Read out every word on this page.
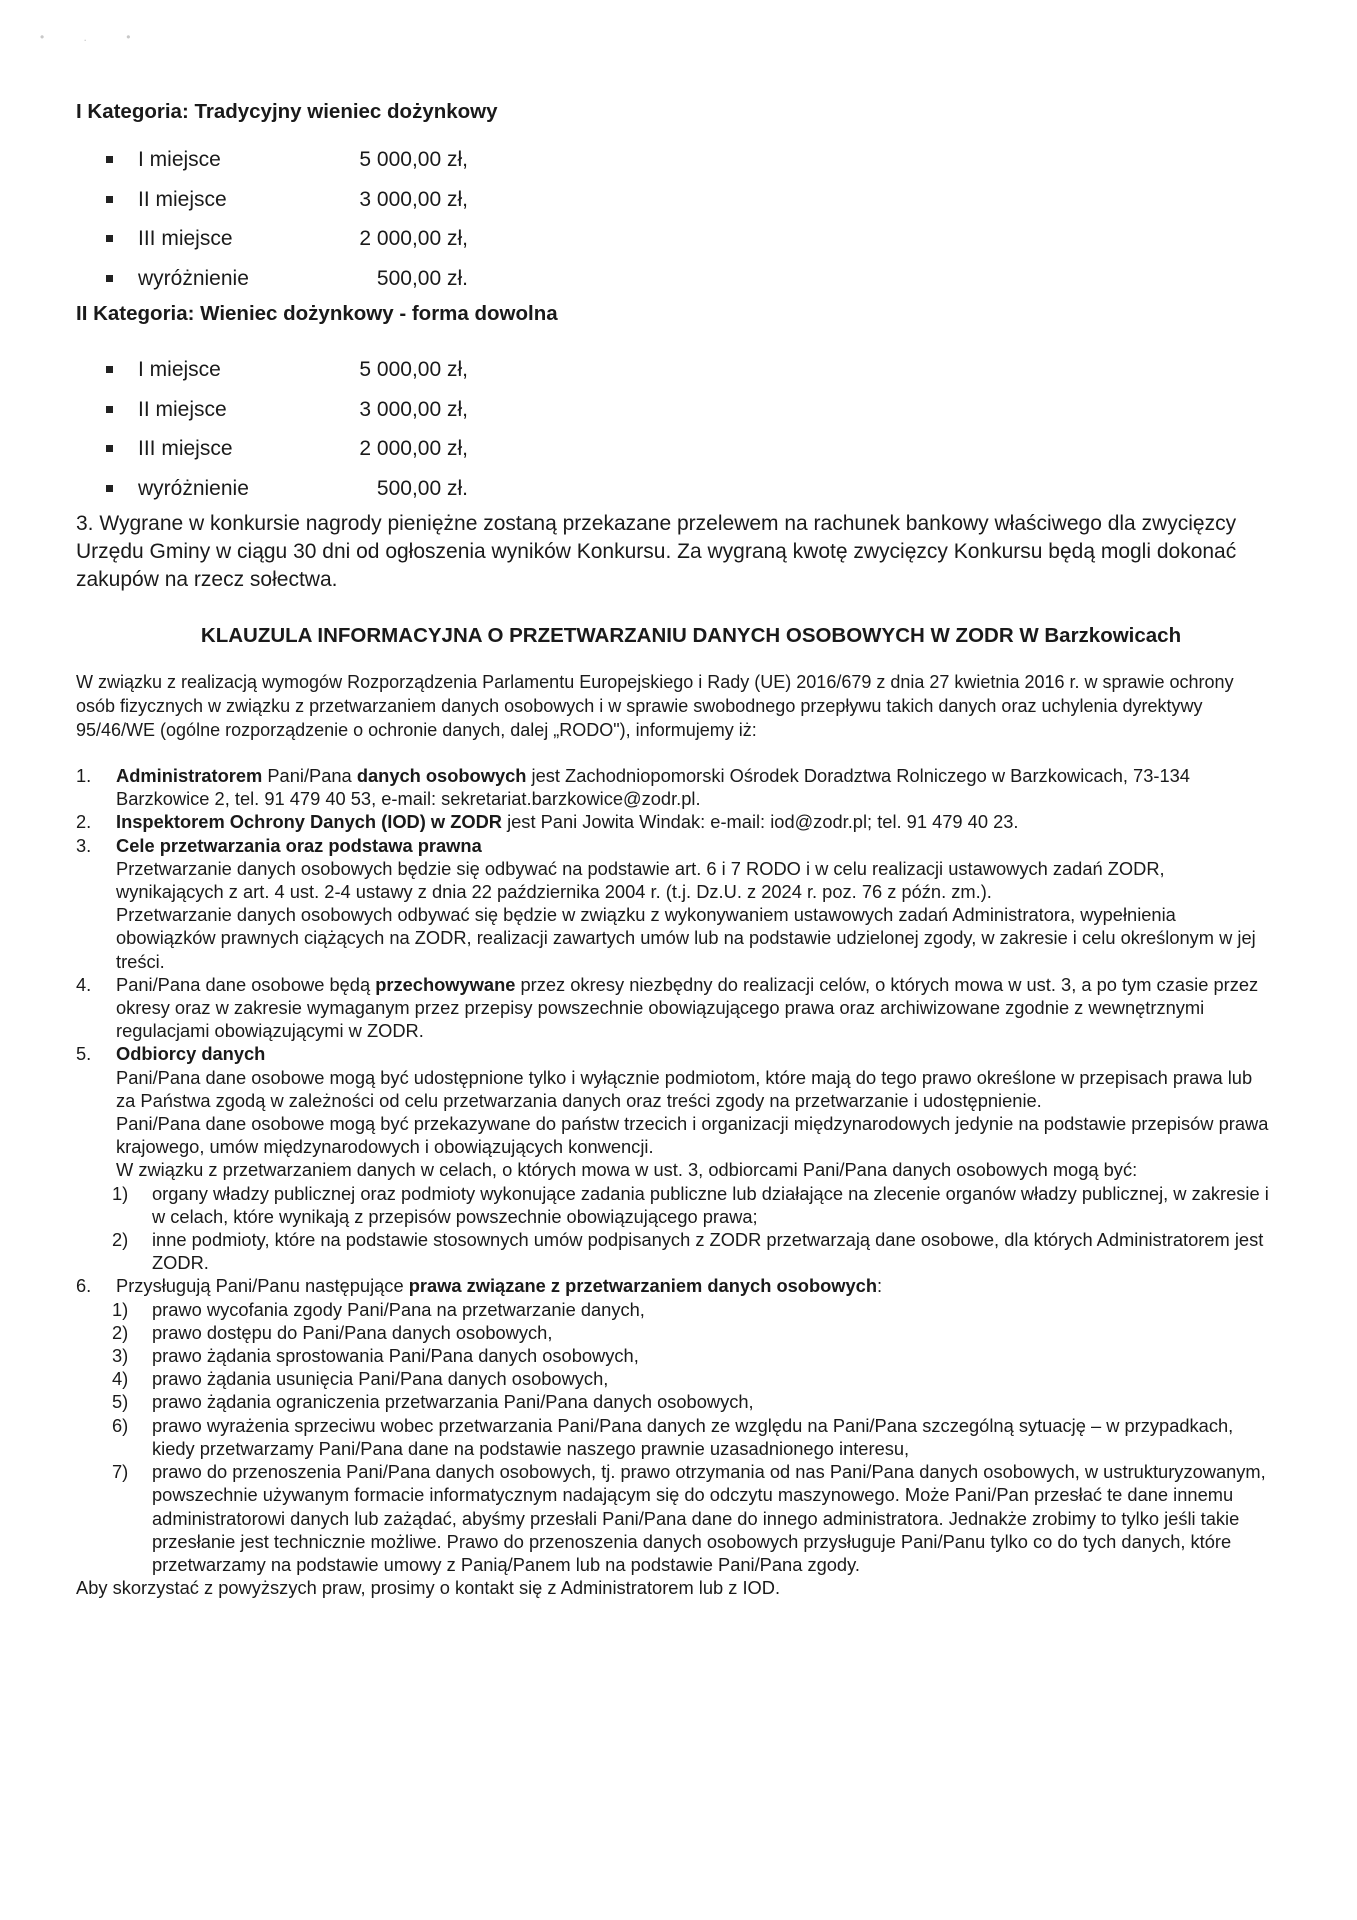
• . •

I Kategoria: Tradycyjny wieniec dożynkowy

I miejsce	5 000,00 zł,
II miejsce	3 000,00 zł,
III miejsce	2 000,00 zł,
wyróżnienie	500,00 zł.

II Kategoria: Wieniec dożynkowy - forma dowolna

I miejsce	5 000,00 zł,
II miejsce	3 000,00 zł,
III miejsce	2 000,00 zł,
wyróżnienie	500,00 zł.

3. Wygrane w konkursie nagrody pieniężne zostaną przekazane przelewem na rachunek bankowy właściwego dla zwycięzcy Urzędu Gminy w ciągu 30 dni od ogłoszenia wyników Konkursu. Za wygraną kwotę zwycięzcy Konkursu będą mogli dokonać zakupów na rzecz sołectwa.

KLAUZULA INFORMACYJNA O PRZETWARZANIU DANYCH OSOBOWYCH W ZODR W Barzkowicach

W związku z realizacją wymogów Rozporządzenia Parlamentu Europejskiego i Rady (UE) 2016/679 z dnia 27 kwietnia 2016 r. w sprawie ochrony osób fizycznych w związku z przetwarzaniem danych osobowych i w sprawie swobodnego przepływu takich danych oraz uchylenia dyrektywy 95/46/WE (ogólne rozporządzenie o ochronie danych, dalej „RODO"), informujemy iż:

1. Administratorem Pani/Pana danych osobowych jest Zachodniopomorski Ośrodek Doradztwa Rolniczego w Barzkowicach, 73-134 Barzkowice 2, tel. 91 479 40 53, e-mail: sekretariat.barzkowice@zodr.pl.
2. Inspektorem Ochrony Danych (IOD) w ZODR jest Pani Jowita Windak: e-mail: iod@zodr.pl; tel. 91 479 40 23.
3. Cele przetwarzania oraz podstawa prawna
Przetwarzanie danych osobowych będzie się odbywać na podstawie art. 6 i 7 RODO i w celu realizacji ustawowych zadań ZODR, wynikających z art. 4 ust. 2-4 ustawy z dnia 22 października 2004 r. (t.j. Dz.U. z 2024 r. poz. 76 z późn. zm.).
Przetwarzanie danych osobowych odbywać się będzie w związku z wykonywaniem ustawowych zadań Administratora, wypełnienia obowiązków prawnych ciążących na ZODR, realizacji zawartych umów lub na podstawie udzielonej zgody, w zakresie i celu określonym w jej treści.
4. Pani/Pana dane osobowe będą przechowywane przez okresy niezbędny do realizacji celów, o których mowa w ust. 3, a po tym czasie przez okresy oraz w zakresie wymaganym przez przepisy powszechnie obowiązującego prawa oraz archiwizowane zgodnie z wewnętrznymi regulacjami obowiązującymi w ZODR.
5. Odbiorcy danych
Pani/Pana dane osobowe mogą być udostępnione tylko i wyłącznie podmiotom, które mają do tego prawo określone w przepisach prawa lub za Państwa zgodą w zależności od celu przetwarzania danych oraz treści zgody na przetwarzanie i udostępnienie.
Pani/Pana dane osobowe mogą być przekazywane do państw trzecich i organizacji międzynarodowych jedynie na podstawie przepisów prawa krajowego, umów międzynarodowych i obowiązujących konwencji.
W związku z przetwarzaniem danych w celach, o których mowa w ust. 3, odbiorcami Pani/Pana danych osobowych mogą być:
1) organy władzy publicznej oraz podmioty wykonujące zadania publiczne lub działające na zlecenie organów władzy publicznej, w zakresie i w celach, które wynikają z przepisów powszechnie obowiązującego prawa;
2) inne podmioty, które na podstawie stosownych umów podpisanych z ZODR przetwarzają dane osobowe, dla których Administratorem jest ZODR.
6. Przysługują Pani/Panu następujące prawa związane z przetwarzaniem danych osobowych:
1) prawo wycofania zgody Pani/Pana na przetwarzanie danych,
2) prawo dostępu do Pani/Pana danych osobowych,
3) prawo żądania sprostowania Pani/Pana danych osobowych,
4) prawo żądania usunięcia Pani/Pana danych osobowych,
5) prawo żądania ograniczenia przetwarzania Pani/Pana danych osobowych,
6) prawo wyrażenia sprzeciwu wobec przetwarzania Pani/Pana danych ze względu na Pani/Pana szczególną sytuację – w przypadkach, kiedy przetwarzamy Pani/Pana dane na podstawie naszego prawnie uzasadnionego interesu,
7) prawo do przenoszenia Pani/Pana danych osobowych, tj. prawo otrzymania od nas Pani/Pana danych osobowych, w ustrukturyzowanym, powszechnie używanym formacie informatycznym nadającym się do odczytu maszynowego. Może Pani/Pan przesłać te dane innemu administratorowi danych lub zażądać, abyśmy przesłali Pani/Pana dane do innego administratora. Jednakże zrobimy to tylko jeśli takie przesłanie jest technicznie możliwe. Prawo do przenoszenia danych osobowych przysługuje Pani/Panu tylko co do tych danych, które przetwarzamy na podstawie umowy z Panią/Panem lub na podstawie Pani/Pana zgody.

Aby skorzystać z powyższych praw, prosimy o kontakt się z Administratorem lub z IOD.
